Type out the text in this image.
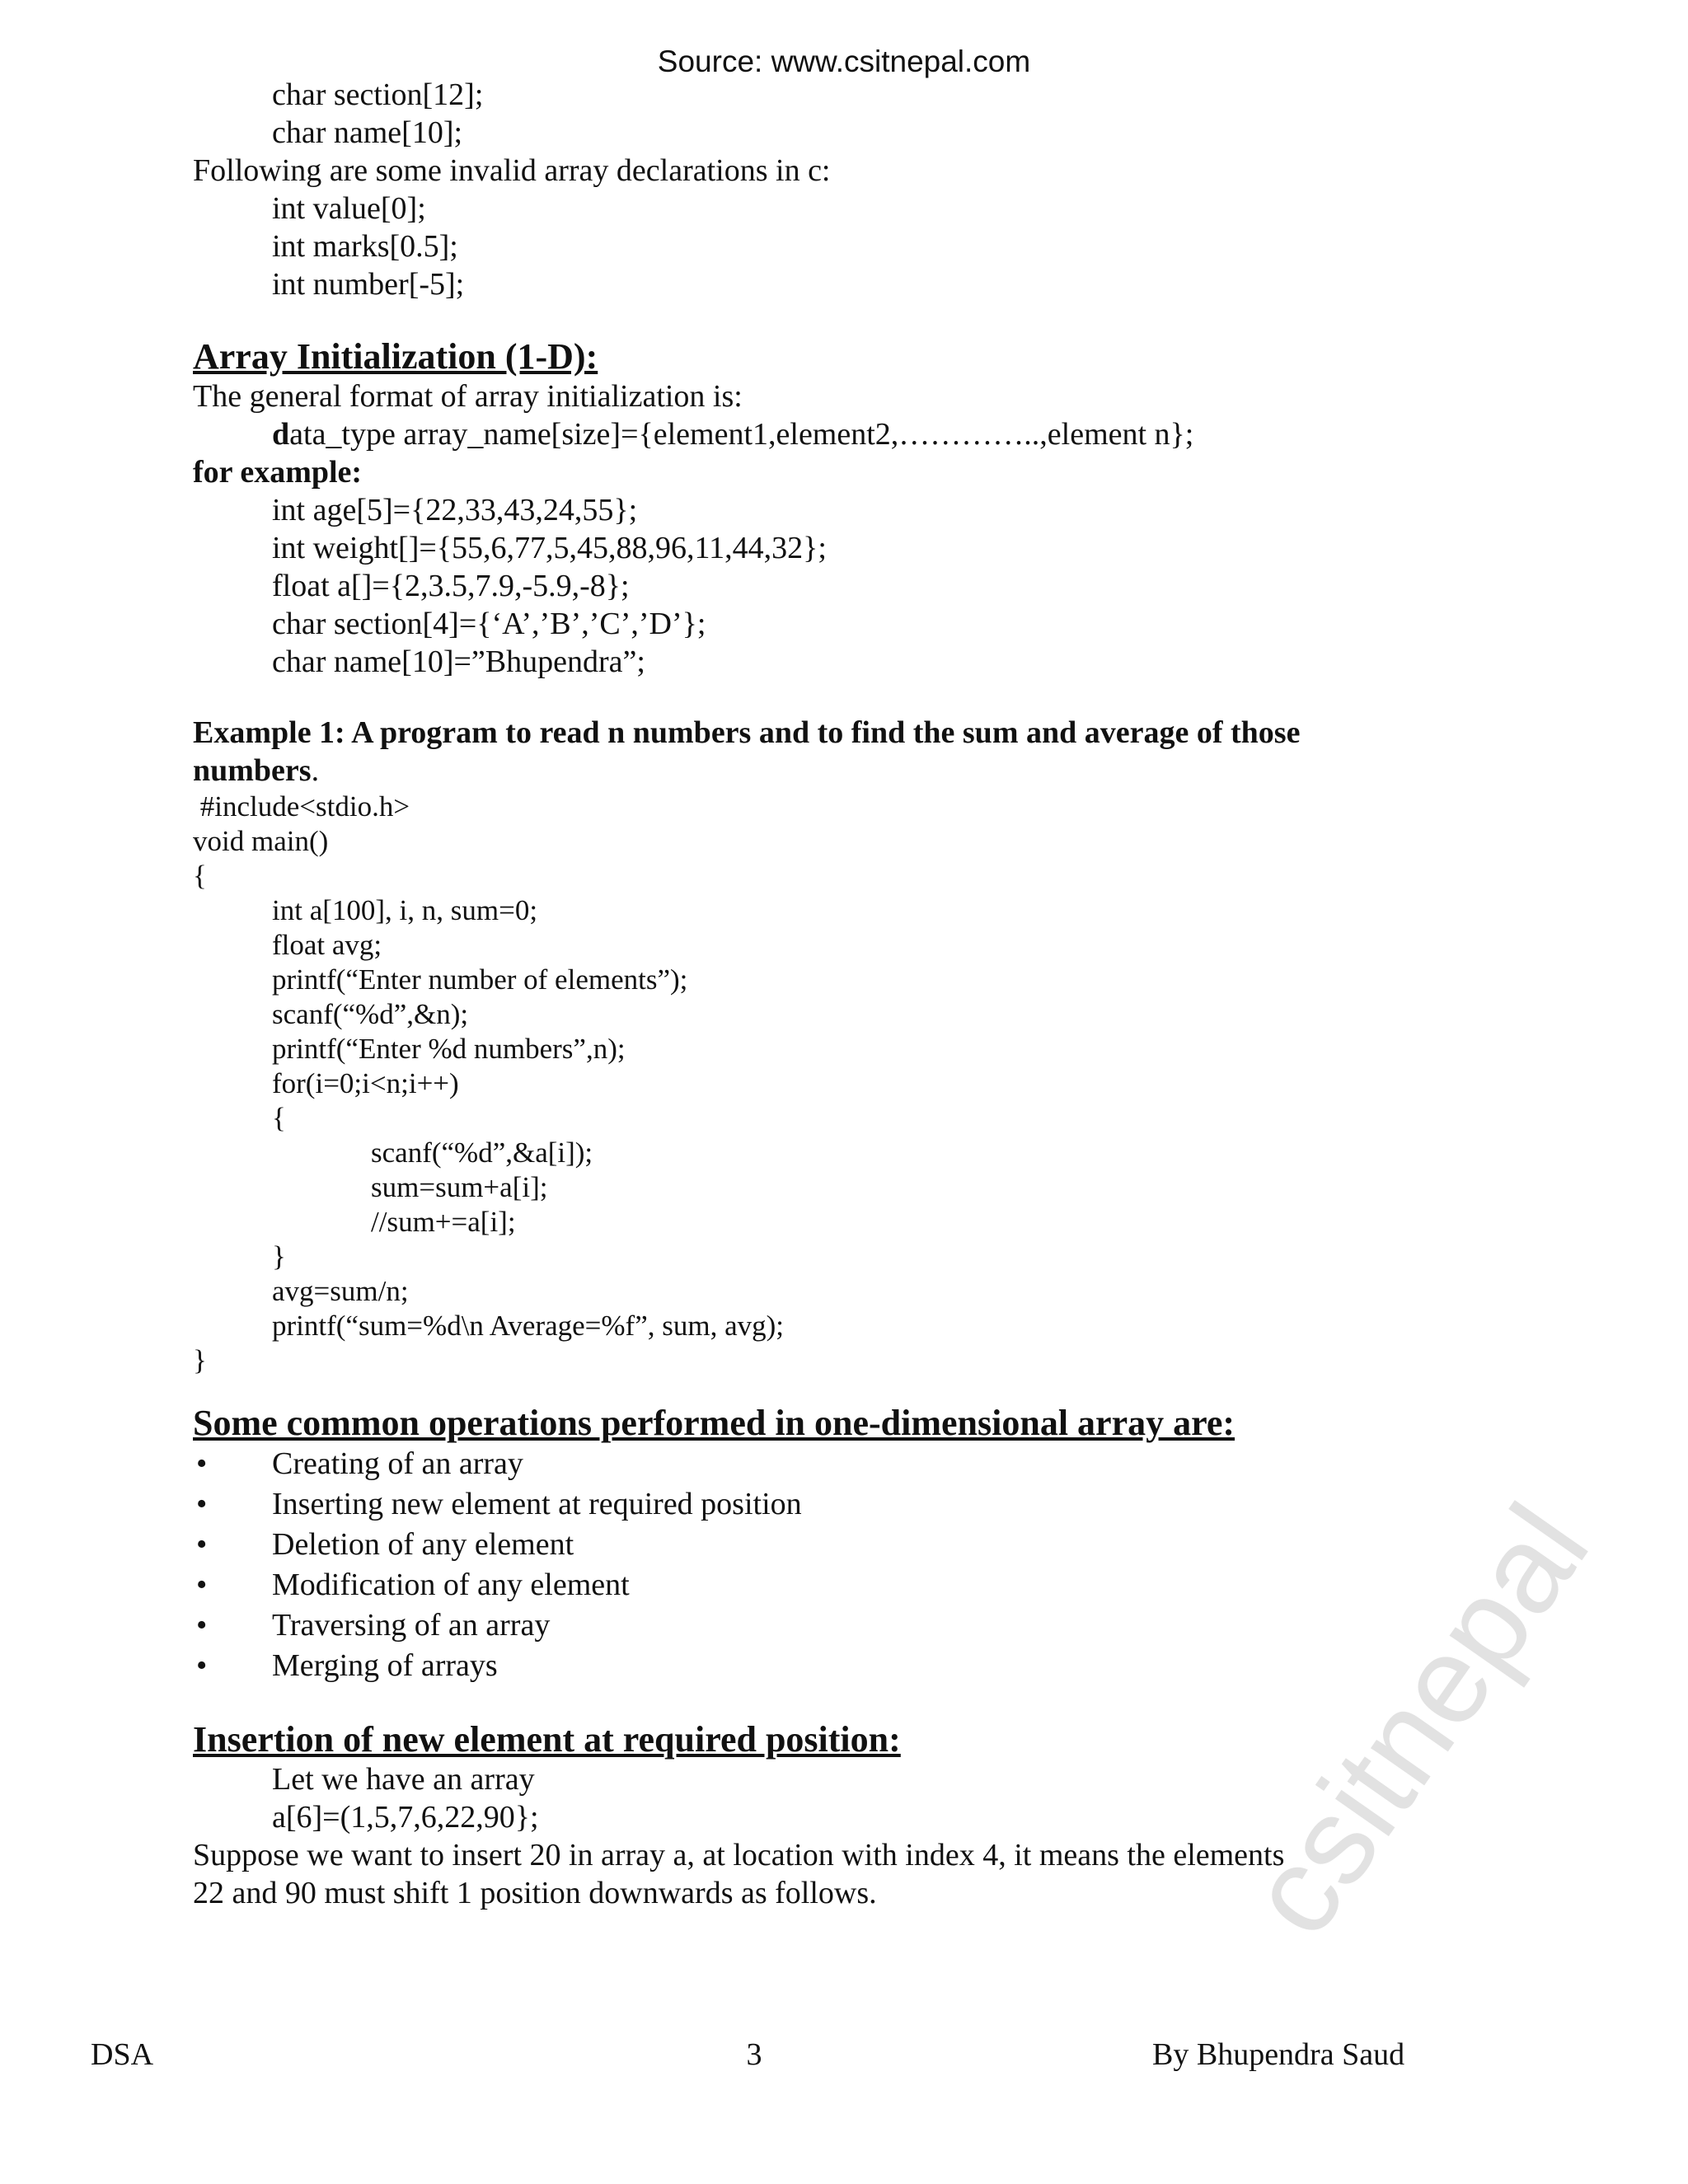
Source: www.csitnepal.com
char section[12];
char name[10];
Following are some invalid array declarations in c:
int value[0];
int marks[0.5];
int number[-5];
Array Initialization (1-D):
The general format of array initialization is:
data_type array_name[size]={element1,element2,…………..,element n};
for example:
int age[5]={22,33,43,24,55};
int weight[]={55,6,77,5,45,88,96,11,44,32};
float a[]={2,3.5,7.9,-5.9,-8};
char section[4]={‘A’,’B’,’C’,’D’};
char name[10]=”Bhupendra”;
Example 1: A program to read n numbers and to find the sum and average of those
numbers.
#include<stdio.h>
void main()
{
int a[100], i, n, sum=0;
float avg;
printf(“Enter number of elements”);
scanf(“%d”,&n);
printf(“Enter %d numbers”,n);
for(i=0;i<n;i++)
{
scanf(“%d”,&a[i]);
sum=sum+a[i];
//sum+=a[i];
}
avg=sum/n;
printf(“sum=%d\n Average=%f”, sum, avg);
}
Some common operations performed in one-dimensional array are:
•	Creating of an array
•	Inserting new element at required position
•	Deletion of any element
•	Modification of any element
•	Traversing of an array
•	Merging of arrays
Insertion of new element at required position:
Let we have an array
a[6]=(1,5,7,6,22,90};
Suppose we want to insert 20 in array a, at location with index 4, it means the elements
22 and 90 must shift 1 position downwards as follows.	csitnepal
DSA	3	By Bhupendra Saud
